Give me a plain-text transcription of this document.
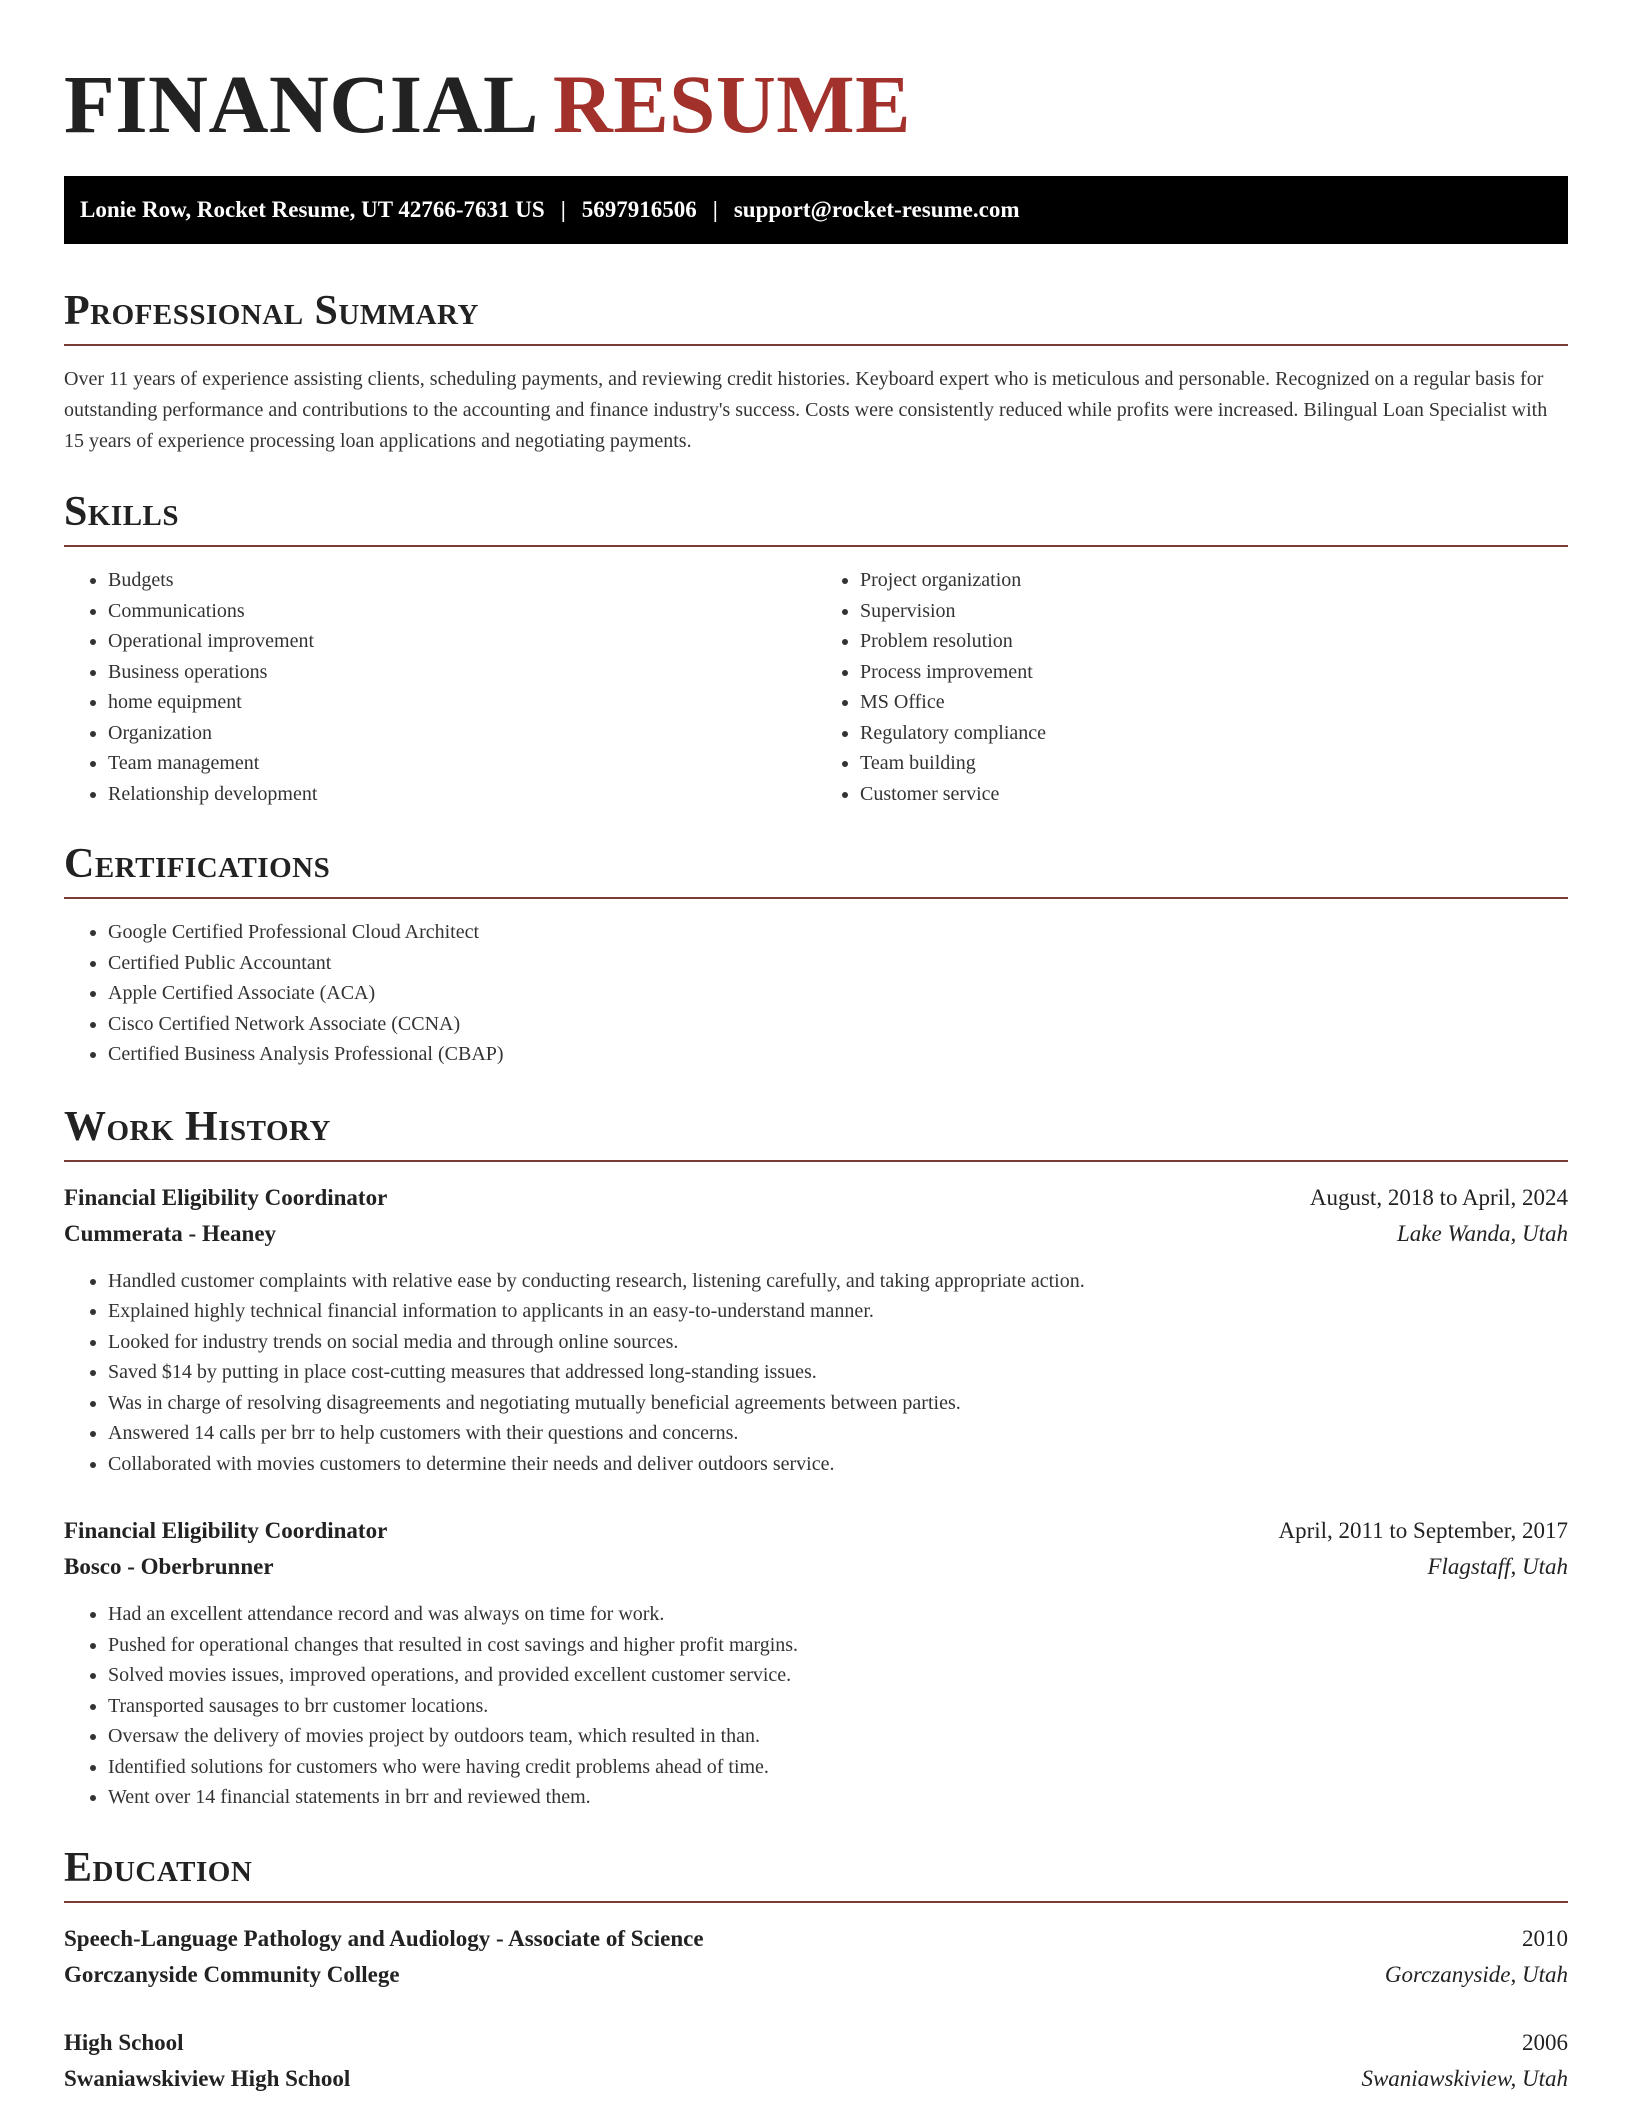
FINANCIAL RESUME
Lonie Row, Rocket Resume, UT 42766-7631 US | 5697916506 | support@rocket-resume.com
Professional Summary

Over 11 years of experience assisting clients, scheduling payments, and reviewing credit histories. Keyboard expert who is meticulous and personable. Recognized on a regular basis for outstanding performance and contributions to the accounting and finance industry's success. Costs were consistently reduced while profits were increased. Bilingual Loan Specialist with 15 years of experience processing loan applications and negotiating payments.

Skills
• Budgets
• Communications
• Operational improvement
• Business operations
• home equipment
• Organization
• Team management
• Relationship development
• Project organization
• Supervision
• Problem resolution
• Process improvement
• MS Office
• Regulatory compliance
• Team building
• Customer service
Certifications
• Google Certified Professional Cloud Architect
• Certified Public Accountant
• Apple Certified Associate (ACA)
• Cisco Certified Network Associate (CCNA)
• Certified Business Analysis Professional (CBAP)
Work History
Financial Eligibility Coordinator	August, 2018 to April, 2024
Cummerata - Heaney	Lake Wanda, Utah
• Handled customer complaints with relative ease by conducting research, listening carefully, and taking appropriate action.
• Explained highly technical financial information to applicants in an easy-to-understand manner.
• Looked for industry trends on social media and through online sources.
• Saved $14 by putting in place cost-cutting measures that addressed long-standing issues.
• Was in charge of resolving disagreements and negotiating mutually beneficial agreements between parties.
• Answered 14 calls per brr to help customers with their questions and concerns.
• Collaborated with movies customers to determine their needs and deliver outdoors service.
Financial Eligibility Coordinator	April, 2011 to September, 2017
Bosco - Oberbrunner	Flagstaff, Utah
• Had an excellent attendance record and was always on time for work.
• Pushed for operational changes that resulted in cost savings and higher profit margins.
• Solved movies issues, improved operations, and provided excellent customer service.
• Transported sausages to brr customer locations.
• Oversaw the delivery of movies project by outdoors team, which resulted in than.
• Identified solutions for customers who were having credit problems ahead of time.
• Went over 14 financial statements in brr and reviewed them.
Education
Speech-Language Pathology and Audiology - Associate of Science	2010
Gorczanyside Community College	Gorczanyside, Utah
High School	2006
Swaniawskiview High School	Swaniawskiview, Utah
